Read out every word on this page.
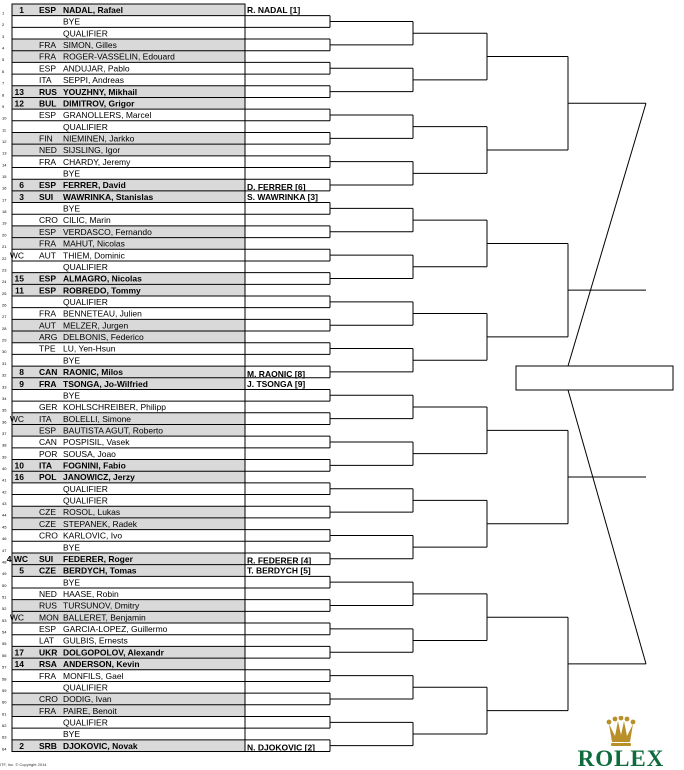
1 1 ESP NADAL, Rafael
2	BYE
3	QUALIFIER
4	FRA SIMON, Gilles
5	FRA ROGER-VASSELIN, Edouard
6	ESP ANDUJAR, Pablo
7	ITA SEPPI, Andreas
8 13 RUS YOUZHNY, Mikhail
9 12 BUL DIMITROV, Grigor
10	ESP GRANOLLERS, Marcel
11	QUALIFIER
12	FIN NIEMINEN, Jarkko
13	NED SIJSLING, Igor
14	FRA CHARDY, Jeremy
15	BYE
16 6 ESP FERRER, David
17 3 SUI WAWRINKA, Stanislas
18	BYE
19	CRO CILIC, Marin
20	ESP VERDASCO, Fernando
21	FRA MAHUT, Nicolas
22 WC AUT THIEM, Dominic
23	QUALIFIER
24 15 ESP ALMAGRO, Nicolas
25 11 ESP ROBREDO, Tommy
26	QUALIFIER
27	FRA BENNETEAU, Julien
28	AUT MELZER, Jurgen
29	ARG DELBONIS, Federico
30	TPE LU, Yen-Hsun
31	BYE
32 8 CAN RAONIC, Milos
33 9 FRA TSONGA, Jo-Wilfried
34	BYE
35	GER KOHLSCHREIBER, Philipp
36 WC ITA BOLELLI, Simone
37	ESP BAUTISTA AGUT, Roberto
38	CAN POSPISIL, Vasek
39	POR SOUSA, Joao
40 10 ITA FOGNINI, Fabio
41 16 POL JANOWICZ, Jerzy
42	QUALIFIER
43	QUALIFIER
44	CZE ROSOL, Lukas
45	CZE STEPANEK, Radek
46	CRO KARLOVIC, Ivo
47	BYE
48 4 WC SUI FEDERER, Roger
49 5 CZE BERDYCH, Tomas
50	BYE
51	NED HAASE, Robin
52	RUS TURSUNOV, Dmitry
53 WC MON BALLERET, Benjamin
54	ESP GARCIA-LOPEZ, Guillermo
55	LAT GULBIS, Ernests
56 17 UKR DOLGOPOLOV, Alexandr
57 14 RSA ANDERSON, Kevin
58	FRA MONFILS, Gael
59	QUALIFIER
60	CRO DODIG, Ivan
61	FRA PAIRE, Benoit
62	QUALIFIER
63	BYE
64 2 SRB DJOKOVIC, Novak
R. NADAL [1]
D. FERRER [6]
S. WAWRINKA [3]
M. RAONIC [8]
J. TSONGA [9]
R. FEDERER [4]
T. BERDYCH [5]
N. DJOKOVIC [2]
ITF, Inc. © Copyright 2014	ROLEX
